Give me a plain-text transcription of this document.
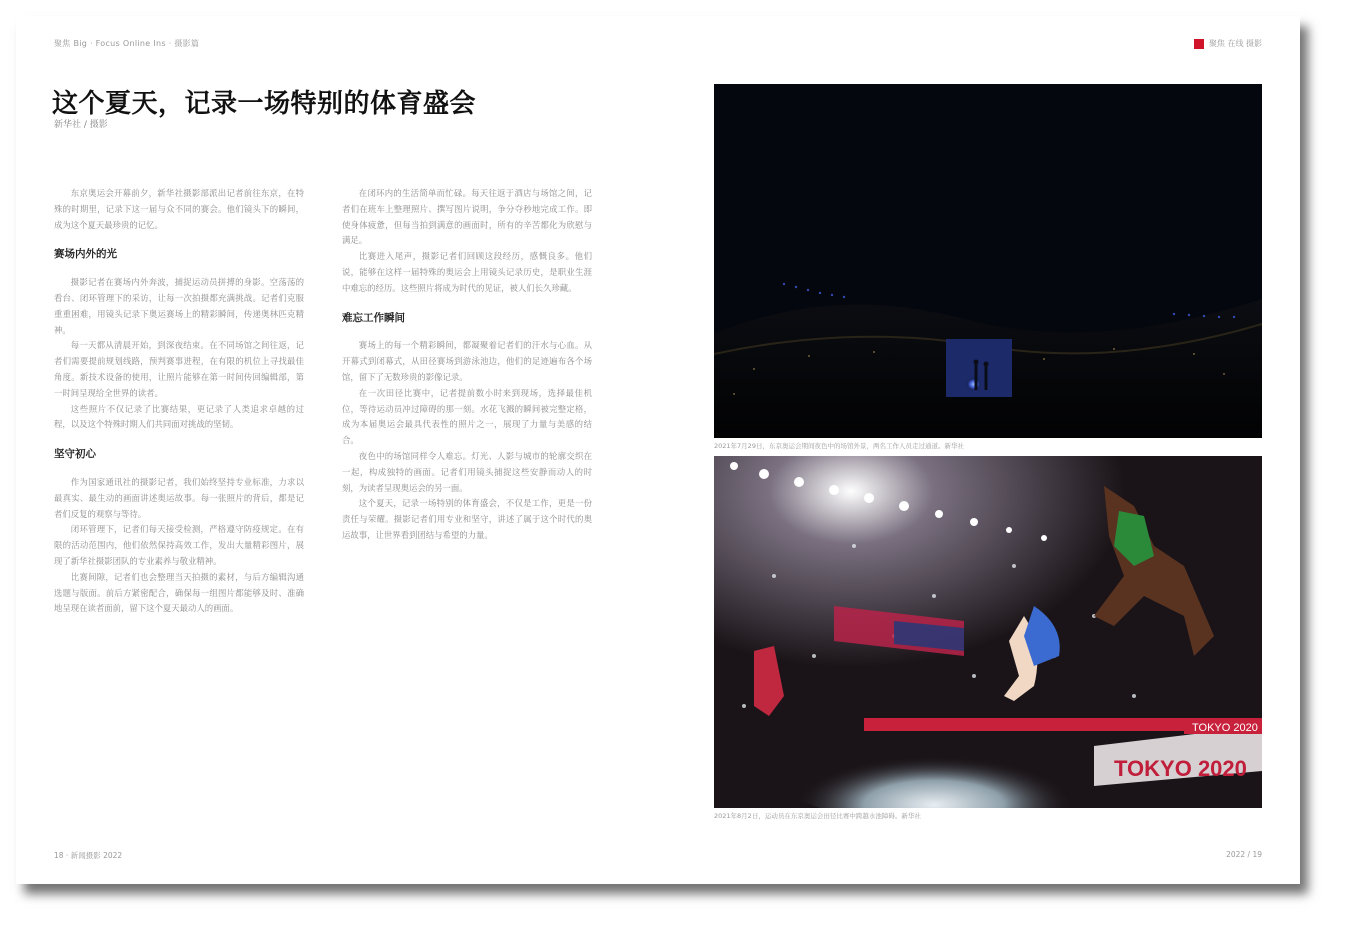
聚焦 Big · Focus Online Ins · 摄影篇	聚焦 在线 摄影
这个夏天，记录一场特别的体育盛会
新华社 / 摄影

东京奥运会开幕前夕，新华社摄影部派出记者前往东京，在特殊的时期里，记录下这一届与众不同的赛会。他们镜头下的瞬间，成为这个夏天最珍贵的记忆。

赛场内外的光

摄影记者在赛场内外奔波，捕捉运动员拼搏的身影。空荡荡的看台、闭环管理下的采访，让每一次拍摄都充满挑战。记者们克服重重困难，用镜头记录下奥运赛场上的精彩瞬间，传递奥林匹克精神。

每一天都从清晨开始，到深夜结束。在不同场馆之间往返，记者们需要提前规划线路，预判赛事进程，在有限的机位上寻找最佳角度。新技术设备的使用，让照片能够在第一时间传回编辑部，第一时间呈现给全世界的读者。

这些照片不仅记录了比赛结果，更记录了人类追求卓越的过程，以及这个特殊时期人们共同面对挑战的坚韧。

坚守初心

作为国家通讯社的摄影记者，我们始终坚持专业标准，力求以最真实、最生动的画面讲述奥运故事。每一张照片的背后，都是记者们反复的观察与等待。

闭环管理下，记者们每天接受检测，严格遵守防疫规定。在有限的活动范围内，他们依然保持高效工作，发出大量精彩图片，展现了新华社摄影团队的专业素养与敬业精神。

比赛间隙，记者们也会整理当天拍摄的素材，与后方编辑沟通选题与版面。前后方紧密配合，确保每一组图片都能够及时、准确地呈现在读者面前，留下这个夏天最动人的画面。

在闭环内的生活简单而忙碌。每天往返于酒店与场馆之间，记者们在班车上整理照片、撰写图片说明，争分夺秒地完成工作。即使身体疲惫，但每当拍到满意的画面时，所有的辛苦都化为欣慰与满足。

比赛进入尾声，摄影记者们回顾这段经历，感慨良多。他们说，能够在这样一届特殊的奥运会上用镜头记录历史，是职业生涯中难忘的经历。这些照片将成为时代的见证，被人们长久珍藏。

难忘工作瞬间

赛场上的每一个精彩瞬间，都凝聚着记者们的汗水与心血。从开幕式到闭幕式，从田径赛场到游泳池边，他们的足迹遍布各个场馆，留下了无数珍贵的影像记录。

在一次田径比赛中，记者提前数小时来到现场，选择最佳机位，等待运动员冲过障碍的那一刻。水花飞溅的瞬间被完整定格，成为本届奥运会最具代表性的照片之一，展现了力量与美感的结合。

夜色中的场馆同样令人难忘。灯光、人影与城市的轮廓交织在一起，构成独特的画面。记者们用镜头捕捉这些安静而动人的时刻，为读者呈现奥运会的另一面。

这个夏天，记录一场特别的体育盛会，不仅是工作，更是一份责任与荣耀。摄影记者们用专业和坚守，讲述了属于这个时代的奥运故事，让世界看到团结与希望的力量。

2021年7月29日，东京奥运会期间夜色中的场馆外景，两名工作人员走过通道。新华社
TOKYO 2020
TOKYO 2020
2021年8月2日，运动员在东京奥运会田径比赛中跨越水池障碍。新华社
18 · 新闻摄影 2022	2022 / 19
